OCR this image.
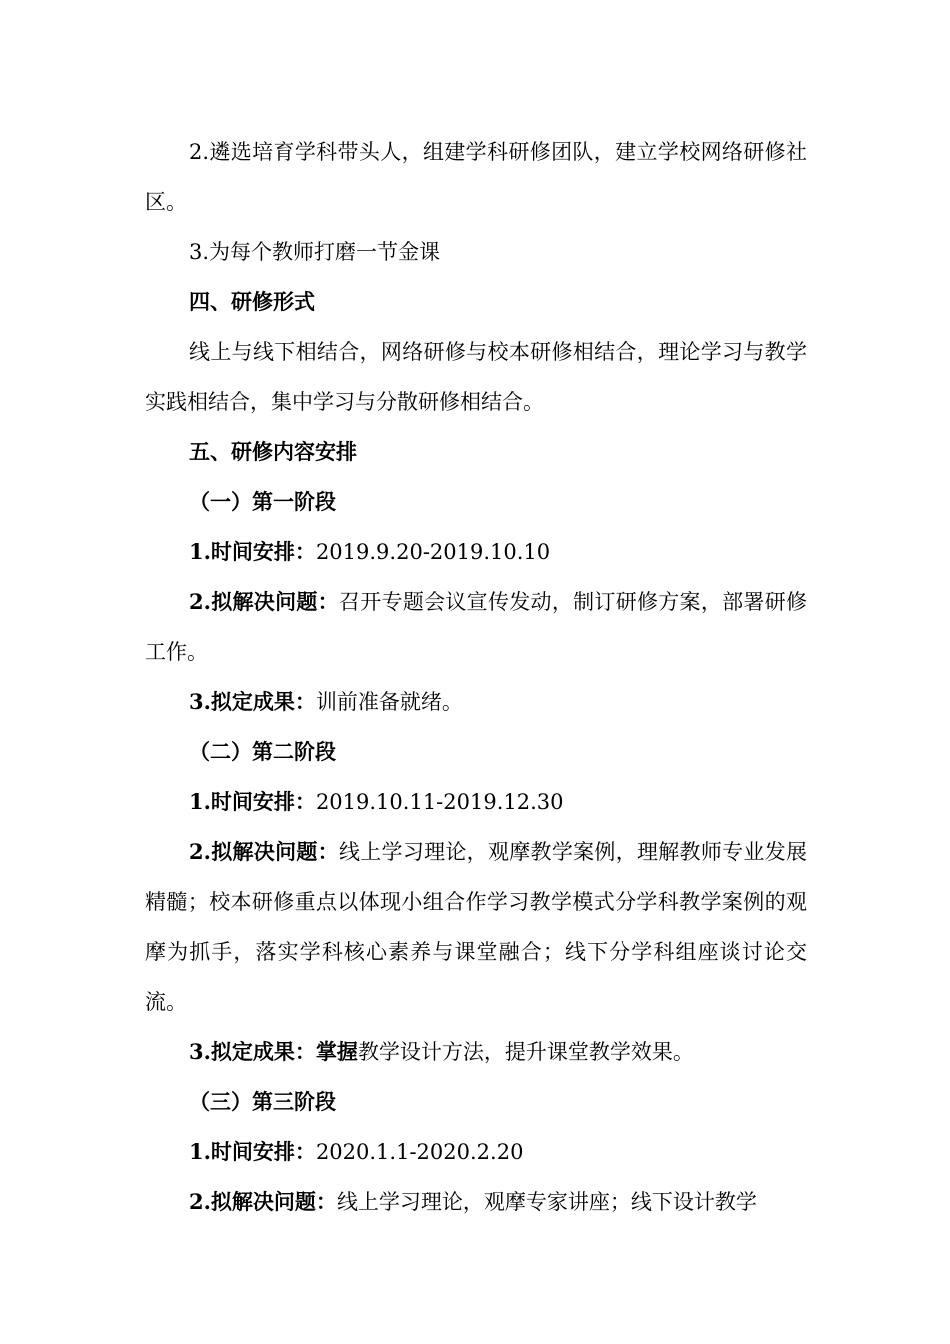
2.遴选培育学科带头人，组建学科研修团队，建立学校网络研修社区。

3.为每个教师打磨一节金课

四、研修形式

线上与线下相结合，网络研修与校本研修相结合，理论学习与教学实践相结合，集中学习与分散研修相结合。

五、研修内容安排

（一）第一阶段

1.时间安排：2019.9.20-2019.10.10

2.拟解决问题：召开专题会议宣传发动，制订研修方案，部署研修工作。

3.拟定成果：训前准备就绪。

（二）第二阶段

1.时间安排：2019.10.11-2019.12.30

2.拟解决问题：线上学习理论，观摩教学案例，理解教师专业发展精髓；校本研修重点以体现小组合作学习教学模式分学科教学案例的观摩为抓手，落实学科核心素养与课堂融合；线下分学科组座谈讨论交流。

3.拟定成果：掌握教学设计方法，提升课堂教学效果。

（三）第三阶段

1.时间安排：2020.1.1-2020.2.20

2.拟解决问题：线上学习理论，观摩专家讲座；线下设计教学
